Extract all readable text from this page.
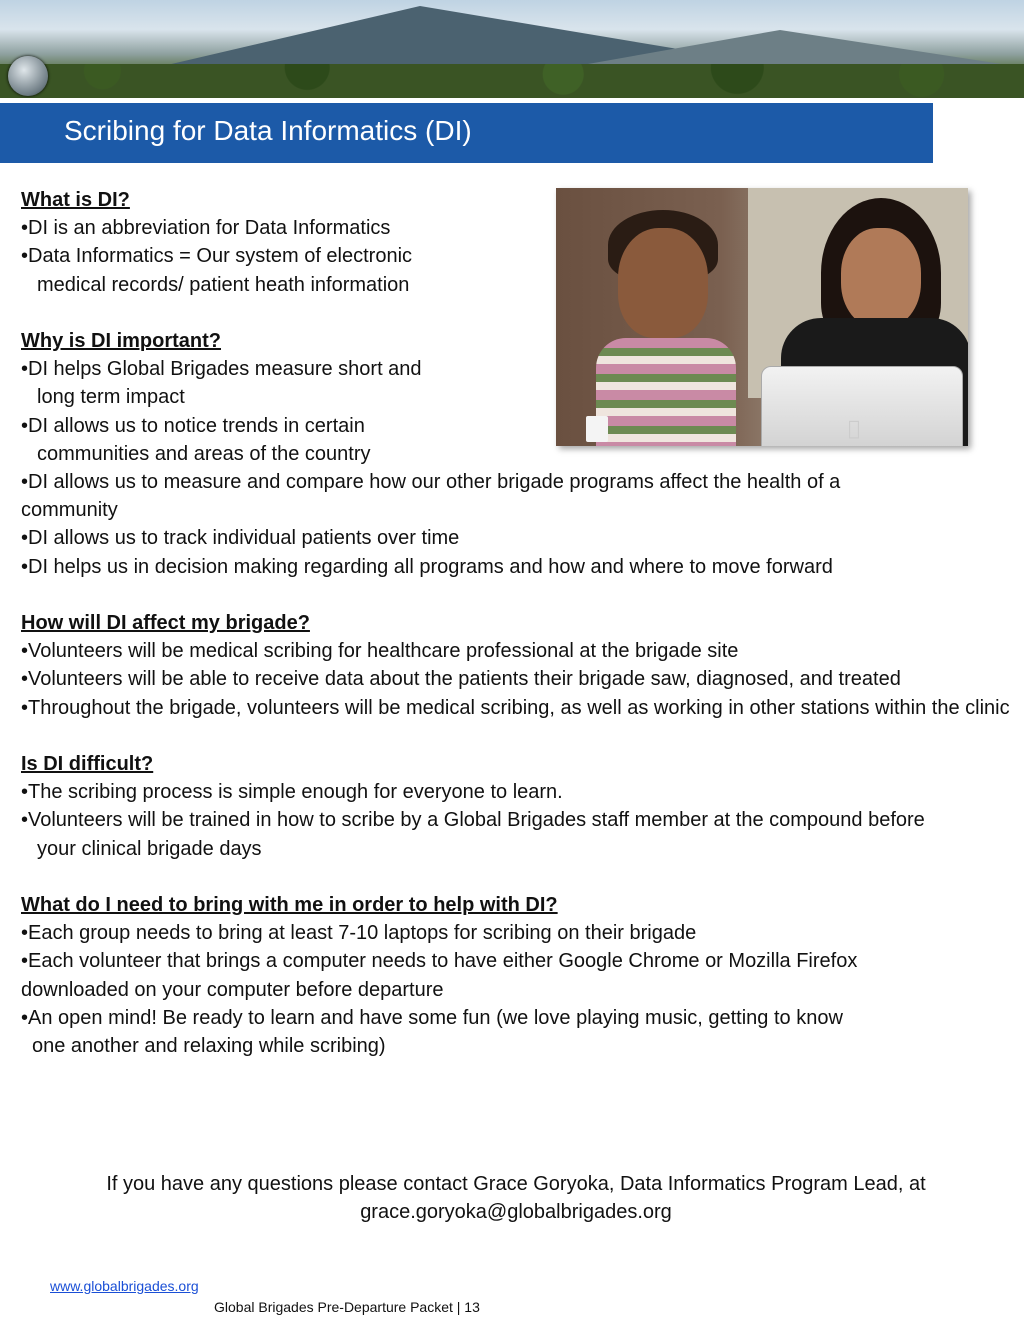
Scribing for Data Informatics (DI)

What is DI?

•DI is an abbreviation for Data Informatics

•Data Informatics = Our system of electronic

medical records/ patient heath information

Why is DI important?

•DI helps Global Brigades measure short and

long term impact

•DI allows us to notice trends in certain

communities and areas of the country

•DI allows us to measure and compare how our other brigade programs affect the health of a community

•DI allows us to track individual patients over time

•DI helps us in decision making regarding all programs and how and where to move forward

How will DI affect my brigade?

•Volunteers will be medical scribing for healthcare professional at the brigade site

•Volunteers will be able to receive data about the patients their brigade saw, diagnosed, and treated

•Throughout the brigade, volunteers will be medical scribing, as well as working in other stations within the clinic

Is DI difficult?

•The scribing process is simple enough for everyone to learn.

•Volunteers will be trained in how to scribe by a Global Brigades staff member at the compound before

your clinical brigade days

What do I need to bring with me in order to help with DI?

•Each group needs to bring at least 7-10 laptops for scribing on their brigade

•Each volunteer that brings a computer needs to have either Google Chrome or Mozilla Firefox downloaded on your computer before departure

•An open mind! Be ready to learn and have some fun (we love playing music, getting to know

one another and relaxing while scribing)

If you have any questions please contact Grace Goryoka, Data Informatics Program Lead, at

grace.goryoka@globalbrigades.org

www.globalbrigades.org
Global Brigades Pre-Departure Packet | 13
